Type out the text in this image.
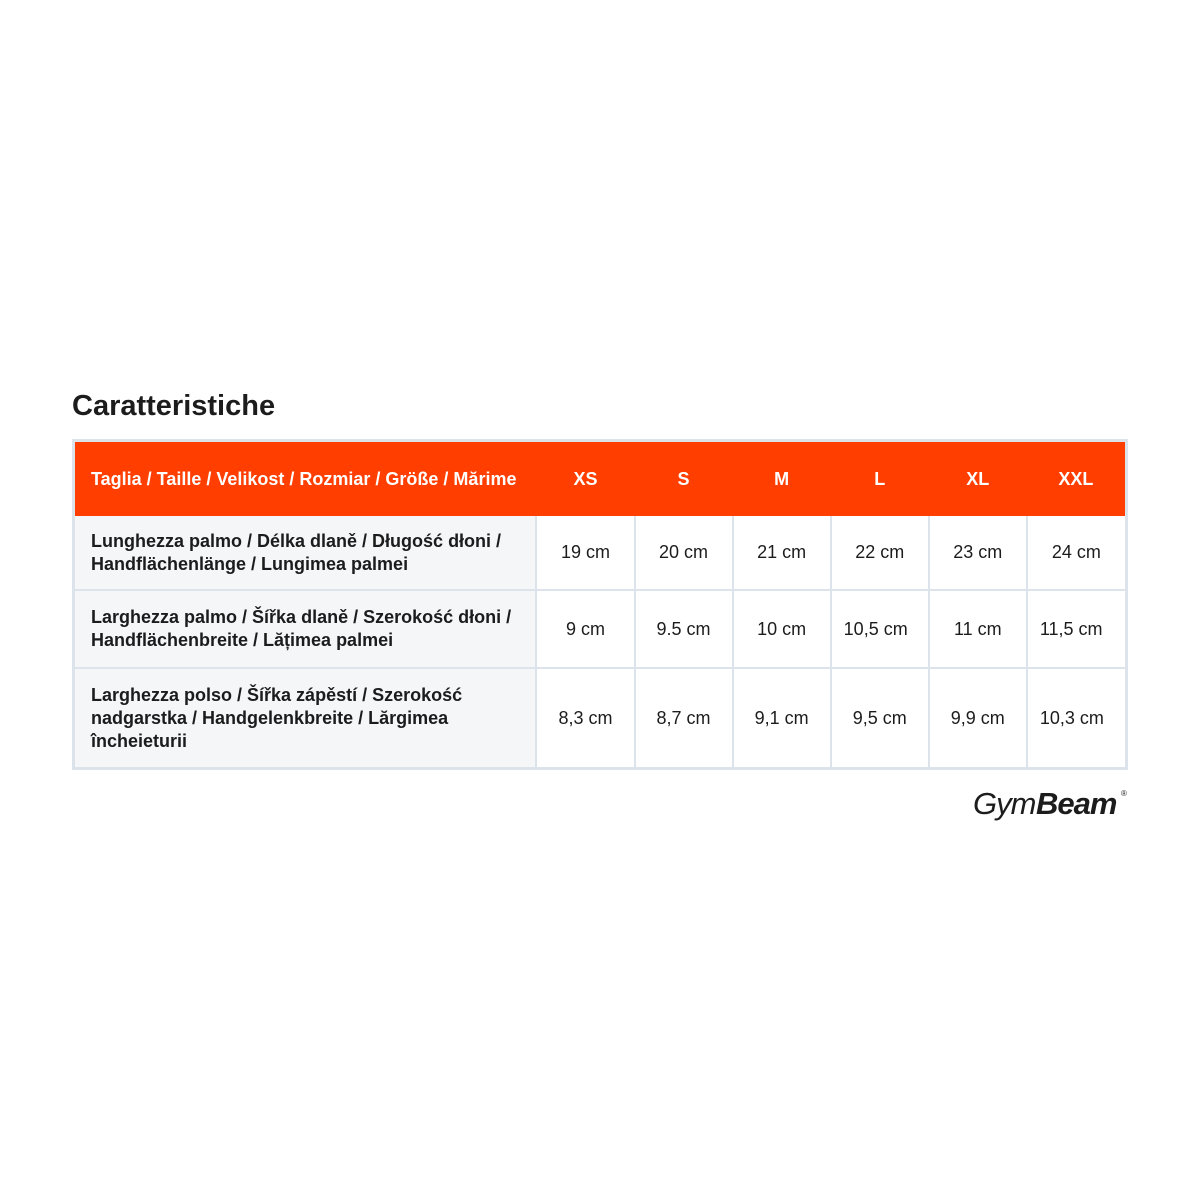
Caratteristiche
Taglia / Taille / Velikost / Rozmiar / Größe / Mărime	XS	S	M	L	XL	XXL
Lunghezza palmo / Délka dlaně / Długość dłoni / Handflächenlänge / Lungimea palmei	19 cm	20 cm	21 cm	22 cm	23 cm	24 cm
Larghezza palmo / Šířka dlaně / Szerokość dłoni / Handflächenbreite / Lățimea palmei	9 cm	9.5 cm	10 cm	10,5 cm	11 cm	11,5 cm
Larghezza polso / Šířka zápěstí / Szerokość nadgarstka / Handgelenkbreite / Lărgimea încheieturii	8,3 cm	8,7 cm	9,1 cm	9,5 cm	9,9 cm	10,3 cm
Gym Beam ®
